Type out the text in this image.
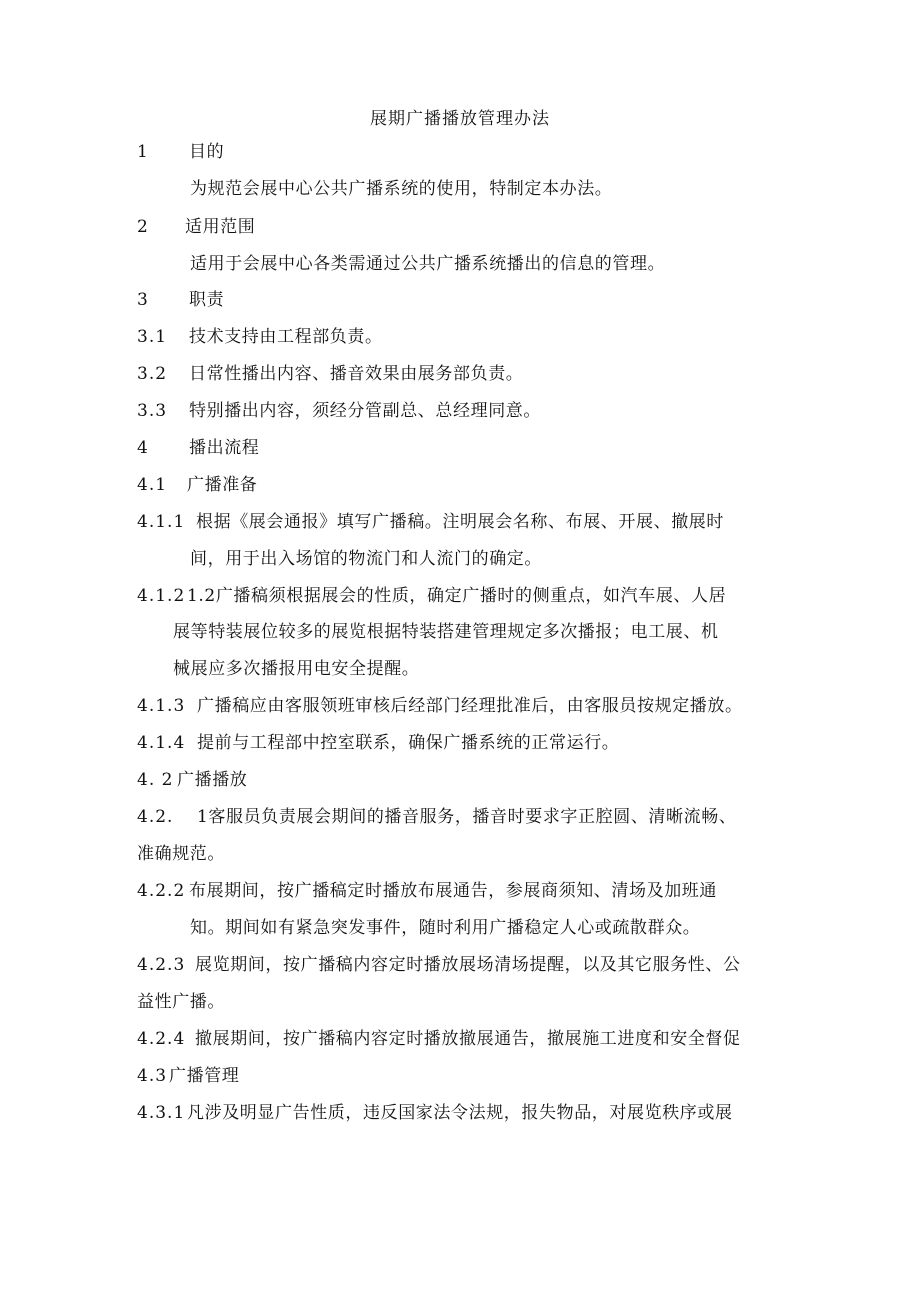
展期广播播放管理办法
1 目的
为规范会展中心公共广播系统的使用，特制定本办法。
2 适用范围
适用于会展中心各类需通过公共广播系统播出的信息的管理。
3 职责
3.1 技术支持由工程部负责。
3.2 日常性播出内容、播音效果由展务部负责。
3.3 特别播出内容，须经分管副总、总经理同意。
4 播出流程
4.1 广播准备
4.1.1 根据《展会通报》填写广播稿。注明展会名称、布展、开展、撤展时
间，用于出入场馆的物流门和人流门的确定。
4.1.2 1.2广播稿须根据展会的性质，确定广播时的侧重点，如汽车展、人居
展等特装展位较多的展览根据特装搭建管理规定多次播报；电工展、机
械展应多次播报用电安全提醒。
4.1.3 广播稿应由客服领班审核后经部门经理批准后，由客服员按规定播放。
4.1.4 提前与工程部中控室联系，确保广播系统的正常运行。
4. 2 广播播放
4.2. 1客服员负责展会期间的播音服务，播音时要求字正腔圆、清晰流畅、
准确规范。
4.2.2 布展期间，按广播稿定时播放布展通告，参展商须知、清场及加班通
知。期间如有紧急突发事件，随时利用广播稳定人心或疏散群众。
4.2.3 展览期间，按广播稿内容定时播放展场清场提醒，以及其它服务性、公
益性广播。
4.2.4 撤展期间，按广播稿内容定时播放撤展通告，撤展施工进度和安全督促
4.3 广播管理
4.3.1 凡涉及明显广告性质，违反国家法令法规，报失物品，对展览秩序或展
